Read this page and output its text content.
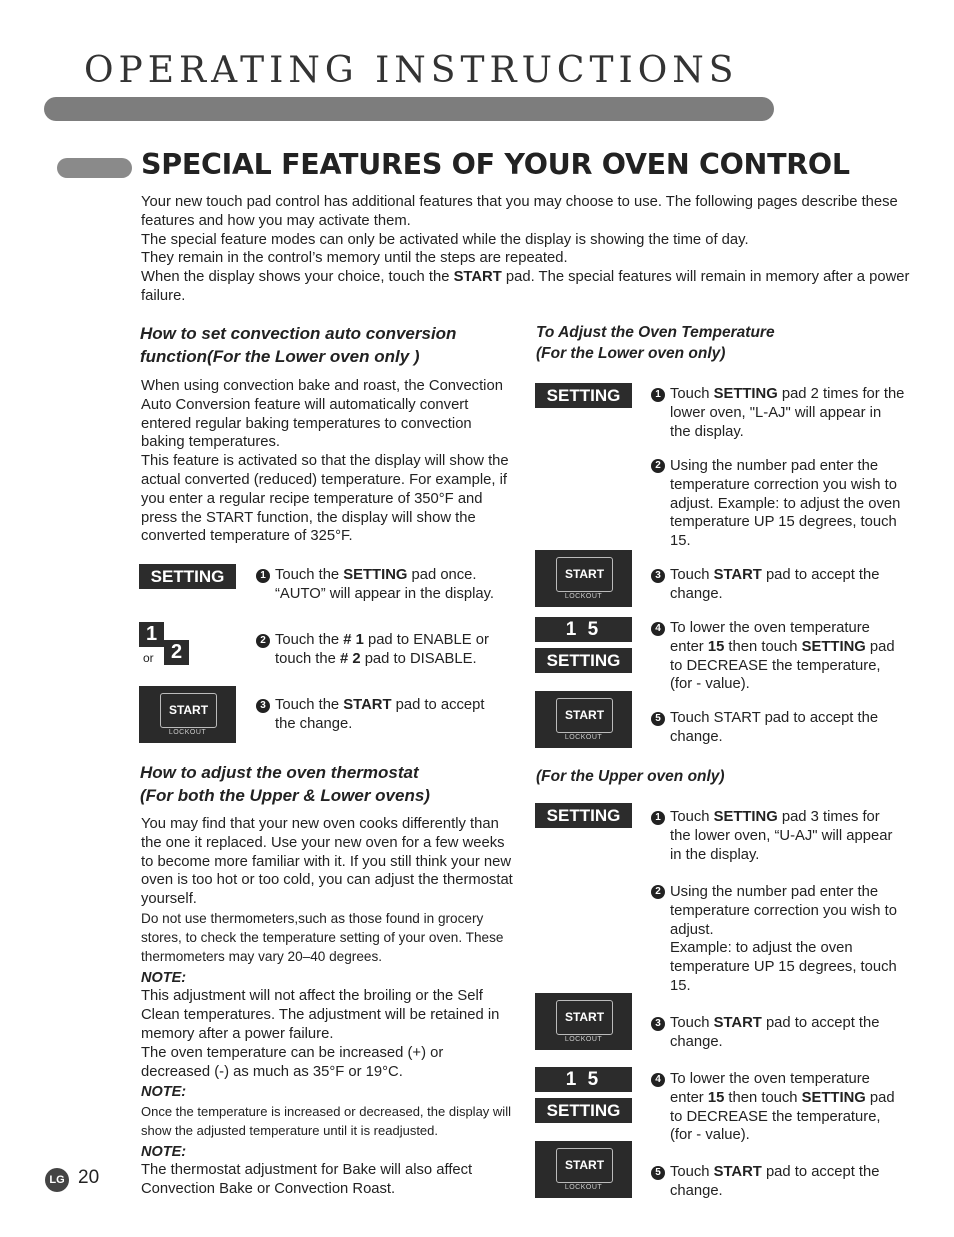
OPERATING INSTRUCTIONS
SPECIAL FEATURES OF YOUR OVEN CONTROL
Your new touch pad control has additional features that you may choose to use. The following pages describe these features and how you may activate them.
The special feature modes can only be activated while the display is showing the time of day.
They remain in the control’s memory until the steps are repeated.
When the display shows your choice, touch the START pad. The special features will remain in memory after a power failure.
How to set convection auto conversion
function(For the Lower oven only )
When using convection bake and roast, the Convection Auto Conversion feature will automatically convert entered regular baking temperatures to convection baking temperatures.
This feature is activated so that the display will show the actual converted (reduced) temperature. For example, if you enter a regular recipe temperature of 350°F and press the START function, the display will show the converted temperature of 325°F.
SETTING	1 Touch the SETTING pad once.
“AUTO” will appear in the display.
1
or 2
2 Touch the # 1 pad to ENABLE or
touch the # 2 pad to DISABLE.
START
LOCKOUT
3 Touch the START pad to accept
the change.
How to adjust the oven thermostat
(For both the Upper & Lower ovens)
You may find that your new oven cooks differently than the one it replaced. Use your new oven for a few weeks to become more familiar with it. If you still think your new oven is too hot or too cold, you can adjust the thermostat yourself.
Do not use thermometers,such as those found in grocery stores, to check the temperature setting of your oven. These thermometers may vary 20–40 degrees.
NOTE:
This adjustment will not affect the broiling or the Self Clean temperatures. The adjustment will be retained in memory after a power failure.
The oven temperature can be increased (+) or decreased (-) as much as 35°F or 19°C.
NOTE:
Once the temperature is increased or decreased, the display will show the adjusted temperature until it is readjusted.
NOTE:
The thermostat adjustment for Bake will also affect Convection Bake or Convection Roast.
To Adjust the Oven Temperature
(For the Lower oven only)
SETTING	1 Touch SETTING pad 2 times for the
lower oven, "L-AJ" will appear in
the display.
2 Using the number pad enter the temperature correction you wish to adjust. Example: to adjust the oven temperature UP 15 degrees, touch 15.
START
LOCKOUT
3 Touch START pad to accept the
change.
1 5
SETTING
4 To lower the oven temperature
enter 15 then touch SETTING pad
to DECREASE the temperature,
(for - value).
START
LOCKOUT
5 Touch START pad to accept the
change.
(For the Upper oven only)
SETTING	1 Touch SETTING pad 3 times for
the lower oven, “U-AJ" will appear
in the display.
2 Using the number pad enter the temperature correction you wish to adjust.
Example: to adjust the oven temperature UP 15 degrees, touch 15.
START
LOCKOUT
3 Touch START pad to accept the
change.
1 5
SETTING
4 To lower the oven temperature
enter 15 then touch SETTING pad
to DECREASE the temperature,
(for - value).
START
LOCKOUT
5 Touch START pad to accept the
change.
LG 20
